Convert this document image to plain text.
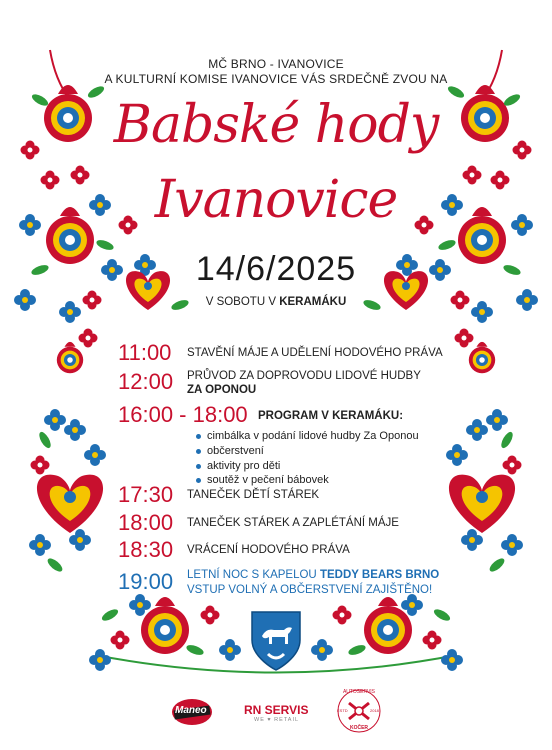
MČ BRNO - IVANOVICE
A KULTURNÍ KOMISE IVANOVICE VÁS SRDEČNĚ ZVOU NA
Babské hody
Ivanovice
14/6/2025
V SOBOTU V KERAMÁKU
11:00 STAVĚNÍ MÁJE A UDĚLENÍ HODOVÉHO PRÁVA
12:00 PRŮVOD ZA DOPROVODU LIDOVÉ HUDBY
ZA OPONOU
16:00 - 18:00 PROGRAM V KERAMÁKU:
cimbálka v podání lidové hudby Za Oponou
občerstvení
aktivity pro děti
soutěž v pečení bábovek
17:30 TANEČEK DĚTÍ STÁREK
18:00 TANEČEK STÁREK A ZAPLÉTÁNÍ MÁJE
18:30 VRÁCENÍ HODOVÉHO PRÁVA
19:00 LETNÍ NOC S KAPELOU TEDDY BEARS BRNO
VSTUP VOLNÝ A OBČERSTVENÍ ZAJIŠTĚNO!
Maneo	RN SERVIS
WE ♥ RETAIL
AUTOSERVIS
ESTD	2018
KOČER
